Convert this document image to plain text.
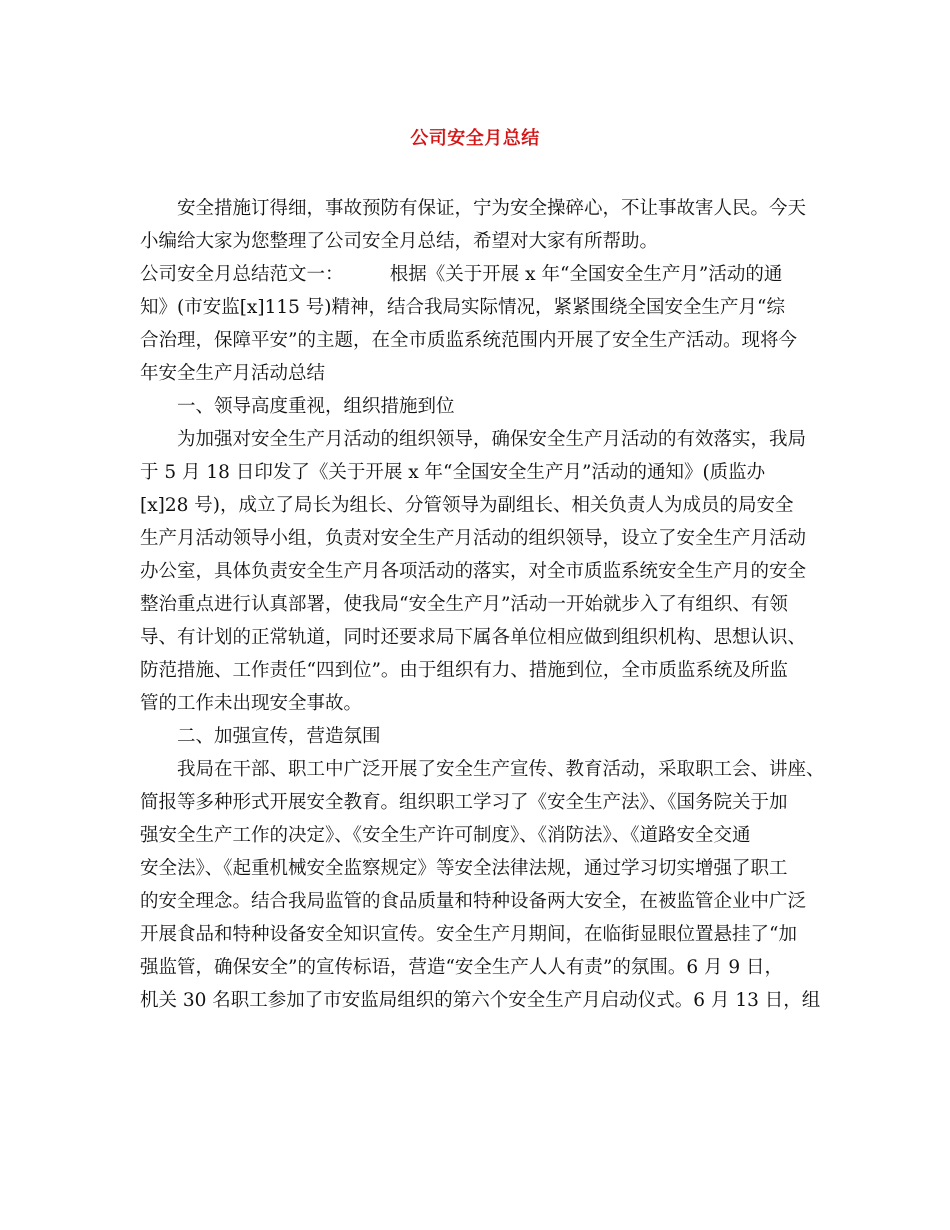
公司安全月总结
安全措施订得细，事故预防有保证，宁为安全操碎心，不让事故害人民。今天
小编给大家为您整理了公司安全月总结，希望对大家有所帮助。
公司安全月总结范文一：　　　根据《关于开展 x 年“全国安全生产月”活动的通
知》(市安监[x]115 号)精神，结合我局实际情况，紧紧围绕全国安全生产月“综
合治理，保障平安”的主题，在全市质监系统范围内开展了安全生产活动。现将今
年安全生产月活动总结
一、领导高度重视，组织措施到位
为加强对安全生产月活动的组织领导，确保安全生产月活动的有效落实，我局
于 5 月 18 日印发了《关于开展 x 年“全国安全生产月”活动的通知》(质监办
[x]28 号)，成立了局长为组长、分管领导为副组长、相关负责人为成员的局安全
生产月活动领导小组，负责对安全生产月活动的组织领导，设立了安全生产月活动
办公室，具体负责安全生产月各项活动的落实，对全市质监系统安全生产月的安全
整治重点进行认真部署，使我局“安全生产月”活动一开始就步入了有组织、有领
导、有计划的正常轨道，同时还要求局下属各单位相应做到组织机构、思想认识、
防范措施、工作责任“四到位”。由于组织有力、措施到位，全市质监系统及所监
管的工作未出现安全事故。
二、加强宣传，营造氛围
我局在干部、职工中广泛开展了安全生产宣传、教育活动，采取职工会、讲座、
简报等多种形式开展安全教育。组织职工学习了《安全生产法》、《国务院关于加
强安全生产工作的决定》、《安全生产许可制度》、《消防法》、《道路安全交通
安全法》、《起重机械安全监察规定》等安全法律法规，通过学习切实增强了职工
的安全理念。结合我局监管的食品质量和特种设备两大安全，在被监管企业中广泛
开展食品和特种设备安全知识宣传。安全生产月期间，在临街显眼位置悬挂了“加
强监管，确保安全”的宣传标语，营造“安全生产人人有责”的氛围。6 月 9 日，
机关 30 名职工参加了市安监局组织的第六个安全生产月启动仪式。6 月 13 日，组
